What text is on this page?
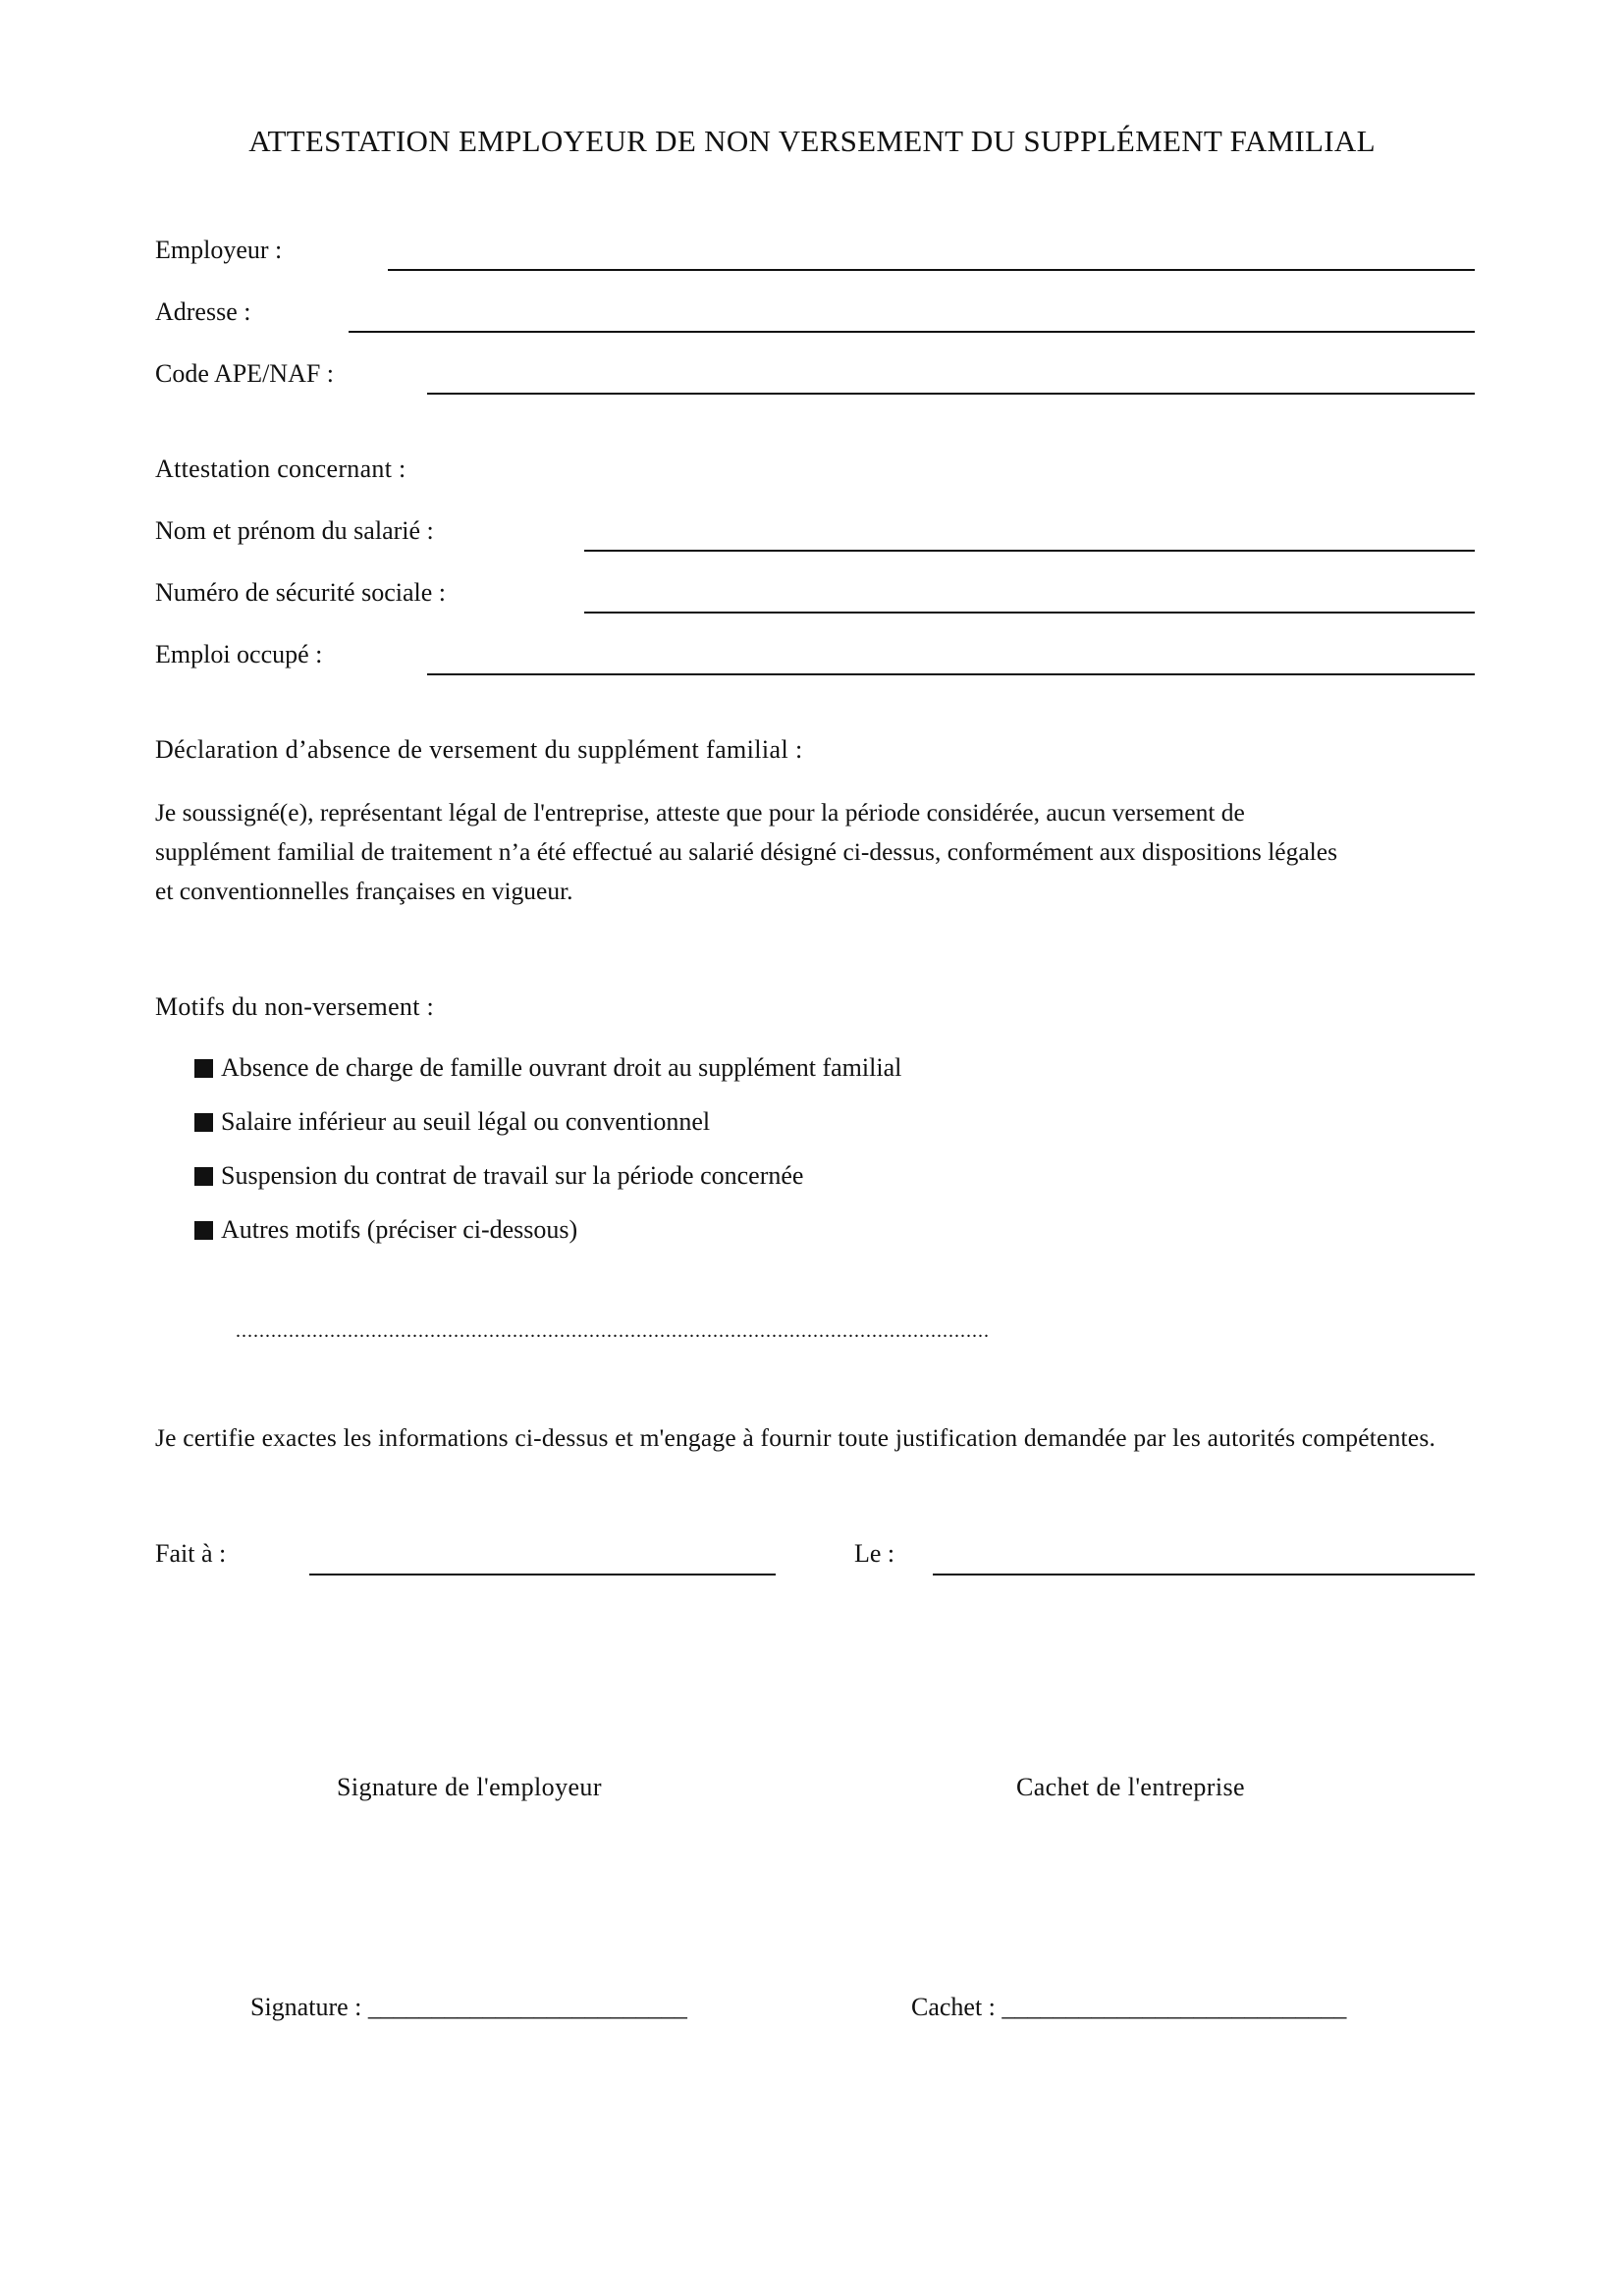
ATTESTATION EMPLOYEUR DE NON VERSEMENT DU SUPPLÉMENT FAMILIAL
Employeur :
Adresse :
Code APE/NAF :
Attestation concernant :
Nom et prénom du salarié :
Numéro de sécurité sociale :
Emploi occupé :
Déclaration d’absence de versement du supplément familial :
Je soussigné(e), représentant légal de l'entreprise, atteste que pour la période considérée, aucun versement de
supplément familial de traitement n’a été effectué au salarié désigné ci-dessus, conformément aux dispositions légales
et conventionnelles françaises en vigueur.
Motifs du non-versement :
Absence de charge de famille ouvrant droit au supplément familial
Salaire inférieur au seuil légal ou conventionnel
Suspension du contrat de travail sur la période concernée
Autres motifs (préciser ci-dessous)
................................................................................................................................
Je certifie exactes les informations ci-dessus et m'engage à fournir toute justification demandée par les autorités compétentes.
Fait à :	Le :
Signature de l'employeur	Cachet de l'entreprise
Signature : _________________________	Cachet : ___________________________
